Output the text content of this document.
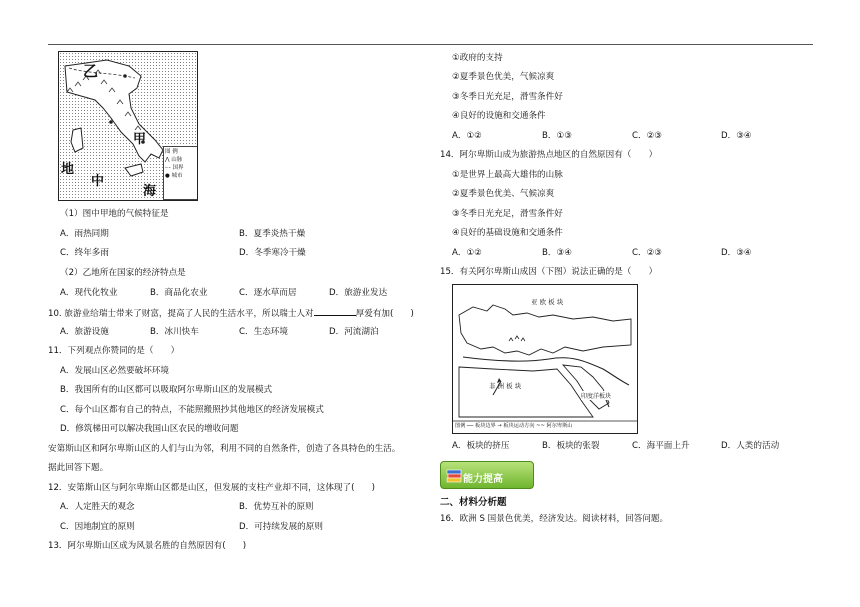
乙
甲
地
中
海
图 例
⋀ 山脉
-·- 国界
● 城市
（1）图中甲地的气候特征是
A．雨热同期	B．夏季炎热干燥
C．终年多雨	D．冬季寒冷干燥
（2）乙地所在国家的经济特点是
A．现代化牧业	B．商品化农业	C．逐水草而居	D．旅游业发达
10. 旅游业给瑞士带来了财富，提高了人民的生活水平，所以瑞士人对	厚爱有加(　　)
A．旅游设施	B．冰川快车	C．生态环境	D．河流湖泊
11．下列观点你赞同的是（　　）
A．发展山区必然要破坏环境
B．我国所有的山区都可以吸取阿尔卑斯山区的发展模式
C．每个山区都有自己的特点，不能照搬照抄其他地区的经济发展模式
D．修筑梯田可以解决我国山区农民的增收问题
安第斯山区和阿尔卑斯山区的人们与山为邻，利用不同的自然条件，创造了各具特色的生活。
据此回答下题。
12．安第斯山区与阿尔卑斯山区都是山区，但发展的支柱产业却不同，这体现了(　　)
A．人定胜天的观念	B．优势互补的原则
C．因地制宜的原则	D．可持续发展的原则
13．阿尔卑斯山区成为风景名胜的自然原因有(　　)
①政府的支持
②夏季景色优美，气候凉爽
③冬季日光充足，滑雪条件好
④良好的设施和交通条件
A．①②	B．①③	C．②③	D．③④
14．阿尔卑斯山成为旅游热点地区的自然原因有（　　）
①是世界上最高大雄伟的山脉
②夏季景色优美、气候凉爽
③冬季日光充足，滑雪条件好
④良好的基础设施和交通条件
A．①②	B．③④	C．②③	D．③④
15．有关阿尔卑斯山成因（下图）说法正确的是（　　）
亚 欧 板 块
非 洲 板 块
印度洋板块
图例 ── 板块边界 → 板块运动方向 ~~ 阿尔卑斯山
A．板块的挤压	B．板块的张裂	C．海平面上升	D．人类的活动
能力提高
二、材料分析题
16．欧洲 S 国景色优美，经济发达。阅读材料，回答问题。
